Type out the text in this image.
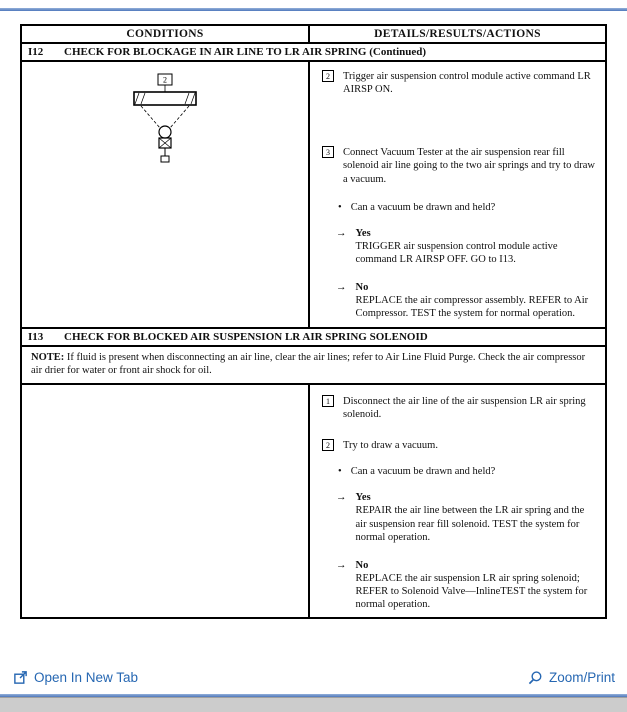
CONDITIONS	DETAILS/RESULTS/ACTIONS
I12 CHECK FOR BLOCKAGE IN AIR LINE TO LR AIR SPRING (Continued)
2	2	Trigger air suspension control module active command LR AIRSP ON.
3	Connect Vacuum Tester at the air suspension rear fill solenoid air line going to the two air springs and try to draw a vacuum.
• Can a vacuum be drawn and held?
→ Yes
TRIGGER air suspension control module active command LR AIRSP OFF. GO to I13.
→ No
REPLACE the air compressor assembly. REFER to Air Compressor. TEST the system for normal operation.
I13 CHECK FOR BLOCKED AIR SUSPENSION LR AIR SPRING SOLENOID
NOTE: If fluid is present when disconnecting an air line, clear the air lines; refer to Air Line Fluid Purge. Check the air compressor air drier for water or front air shock for oil.
1	Disconnect the air line of the air suspension LR air spring solenoid.
2	Try to draw a vacuum.
• Can a vacuum be drawn and held?
→ Yes
REPAIR the air line between the LR air spring and the air suspension rear fill solenoid. TEST the system for normal operation.
→ No
REPLACE the air suspension LR air spring solenoid; REFER to Solenoid Valve—InlineTEST the system for normal operation.
Open In New Tab	Zoom/Print
